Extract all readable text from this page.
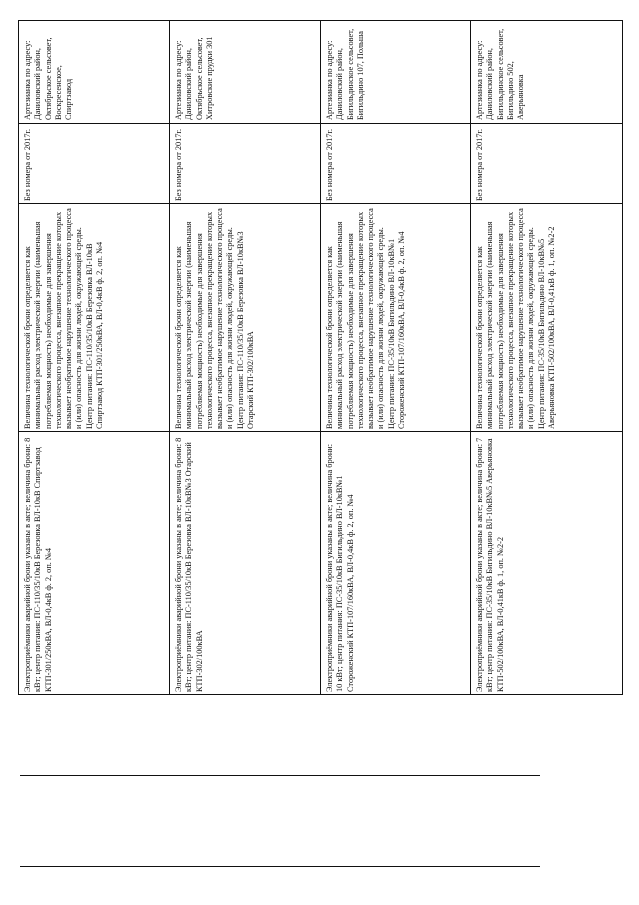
Артезианка по адресу: Даниловский район, Октябрьское сельсовет, Воскресенское, Спиртзавод
Без номера от 2017г.
Величина технологической брони определяется как минимальный расход электрической энергии (наименьшая потребляемая мощность) необходимые для завершения технологического процесса, внезапное прекращение которых вызывает необратимое нарушение технологического процесса и (или) опасность для жизни людей, окружающей среды. Центр питания: ПС-110/35/10кВ Березовка ВЛ-10кВ Спиртзавод КТП-301/250кВА, ВЛ-0,4кВ ф. 2, оп. №4
Электроприёмники аварийной брони указаны в акте; величина брони: 8 кВт; центр питания: ПС-110/35/10кВ Березовка ВЛ-10кВ Спиртзавод КТП-301/250кВА, ВЛ-0,4кВ ф. 2, оп. №4
Артезианка по адресу: Даниловский район, Октябрьское сельсовет, Хитровские прудки 301
Без номера от 2017г.
Величина технологической брони определяется как минимальный расход электрической энергии (наименьшая потребляемая мощность) необходимые для завершения технологического процесса, внезапное прекращение которых вызывает необратимое нарушение технологического процесса и (или) опасность для жизни людей, окружающей среды. Центр питания: ПС-110/35/10кВ Березовка ВЛ-10кВ№3 Отарский КТП-302/100кВА
Электроприёмники аварийной брони указаны в акте; величина брони: 8 кВт; центр питания: ПС-110/35/10кВ Березовка ВЛ-10кВ№3 Отарский КТП-302/100кВА
Артезианка по адресу: Даниловский район, Бигильдинское сельсовет, Бигильдино 107, Польша
Без номера от 2017г.
Величина технологической брони определяется как минимальный расход электрической энергии (наименьшая потребляемая мощность) необходимые для завершения технологического процесса, внезапное прекращение которых вызывает необратимое нарушение технологического процесса и (или) опасность для жизни людей, окружающей среды. Центр питания: ПС-35/10кВ Бигильдино ВЛ-10кВ№1 Стороженский КТП-107/160кВА, ВЛ-0,4кВ ф. 2, оп. №4
Электроприёмники аварийной брони указаны в акте; величина брони: 10 кВт; центр питания: ПС-35/10кВ Бигильдино ВЛ-10кВ№1 Стороженский КТП-107/160кВА, ВЛ-0,4кВ ф. 2, оп. №4
Артезианка по адресу: Даниловский район, Бигильдинское сельсовет, Бигильдино 502, Аверьяновка
Без номера от 2017г.
Величина технологической брони определяется как минимальный расход электрической энергии (наименьшая потребляемая мощность) необходимые для завершения технологического процесса, внезапное прекращение которых вызывает необратимое нарушение технологического процесса и (или) опасность для жизни людей, окружающей среды. Центр питания: ПС-35/10кВ Бигильдино ВЛ-10кВ№5 Аверьяновка КТП-502/100кВА, ВЛ-0,41кВ ф. 1, оп. №2-2
Электроприёмники аварийной брони указаны в акте; величина брони: 7 кВт; центр питания: ПС-35/10кВ Бигильдино ВЛ-10кВ№5 Аверьяновка КТП-502/100кВА, ВЛ-0,41кВ ф. 1, оп. №2-2
